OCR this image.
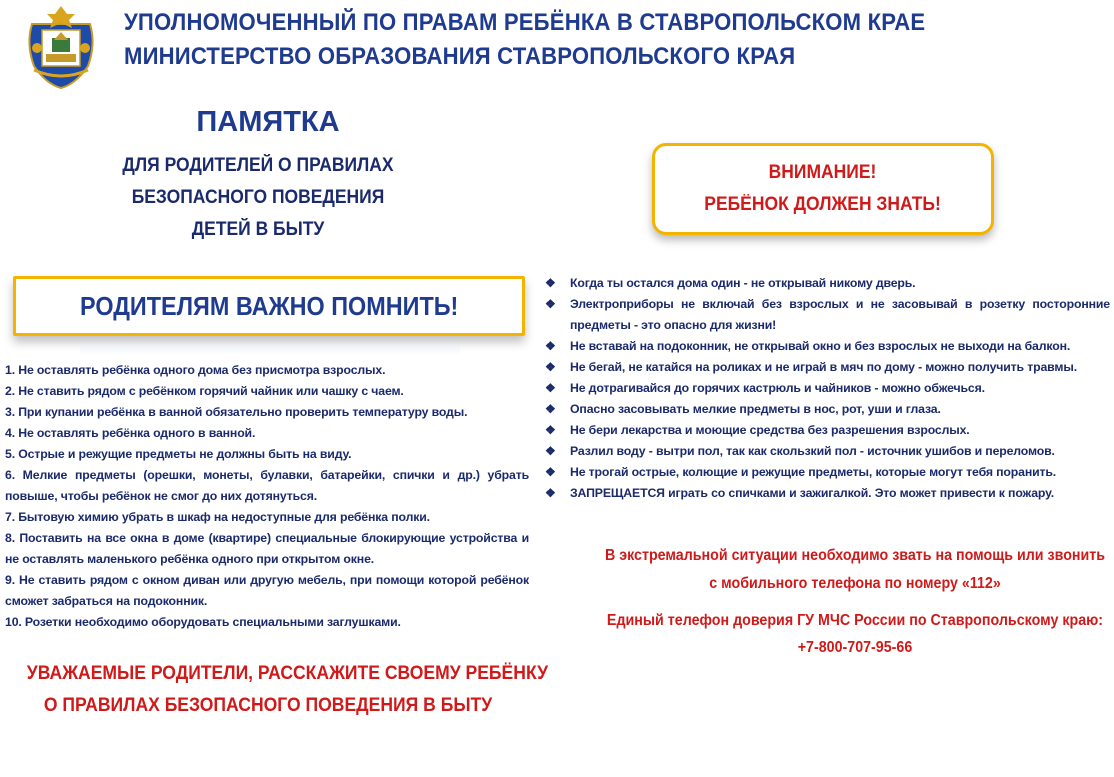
УПОЛНОМОЧЕННЫЙ ПО ПРАВАМ РЕБЁНКА В СТАВРОПОЛЬСКОМ КРАЕ
МИНИСТЕРСТВО ОБРАЗОВАНИЯ СТАВРОПОЛЬСКОГО КРАЯ
ПАМЯТКА
ДЛЯ РОДИТЕЛЕЙ О ПРАВИЛАХ
БЕЗОПАСНОГО ПОВЕДЕНИЯ
ДЕТЕЙ В БЫТУ
РОДИТЕЛЯМ ВАЖНО ПОМНИТЬ!
1. Не оставлять ребёнка одного дома без присмотра взрослых.
2. Не ставить рядом с ребёнком горячий чайник или чашку с чаем.
3. При купании ребёнка в ванной обязательно проверить температуру воды.
4. Не оставлять ребёнка одного в ванной.
5. Острые и режущие предметы не должны быть на виду.
6. Мелкие предметы (орешки, монеты, булавки, батарейки, спички и др.) убрать повыше, чтобы ребёнок не смог до них дотянуться.
7. Бытовую химию убрать в шкаф на недоступные для ребёнка полки.
8. Поставить на все окна в доме (квартире) специальные блокирующие устройства и не оставлять маленького ребёнка одного при открытом окне.
9. Не ставить рядом с окном диван или другую мебель, при помощи которой ребёнок сможет забраться на подоконник.
10. Розетки необходимо оборудовать специальными заглушками.
УВАЖАЕМЫЕ РОДИТЕЛИ, РАССКАЖИТЕ СВОЕМУ РЕБЁНКУ
О ПРАВИЛАХ БЕЗОПАСНОГО ПОВЕДЕНИЯ В БЫТУ
ВНИМАНИЕ!
РЕБЁНОК ДОЛЖЕН ЗНАТЬ!
❖ Когда ты остался дома один - не открывай никому дверь.
❖ Электроприборы не включай без взрослых и не засовывай в розетку посторонние предметы - это опасно для жизни!
❖ Не вставай на подоконник, не открывай окно и без взрослых не выходи на балкон.
❖ Не бегай, не катайся на роликах и не играй в мяч по дому - можно получить травмы.
❖ Не дотрагивайся до горячих кастрюль и чайников - можно обжечься.
❖ Опасно засовывать мелкие предметы в нос, рот, уши и глаза.
❖ Не бери лекарства и моющие средства без разрешения взрослых.
❖ Разлил воду - вытри пол, так как скользкий пол - источник ушибов и переломов.
❖ Не трогай острые, колющие и режущие предметы, которые могут тебя поранить.
❖ ЗАПРЕЩАЕТСЯ играть со спичками и зажигалкой. Это может привести к пожару.
В экстремальной ситуации необходимо звать на помощь или звонить
с мобильного телефона по номеру «112»
Единый телефон доверия ГУ МЧС России по Ставропольскому краю:
+7-800-707-95-66
